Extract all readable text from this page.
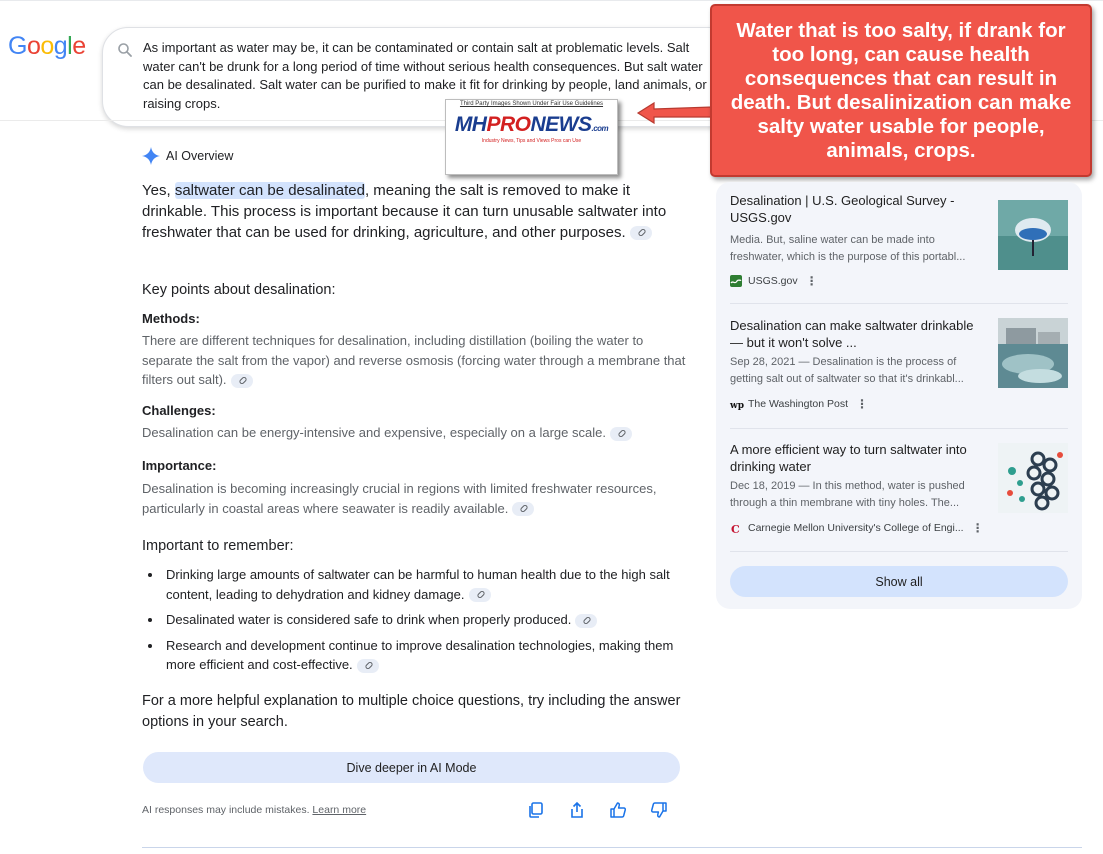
Google	As important as water may be, it can be contaminated or contain salt at problematic levels. Salt water can't be drunk for a long period of time without serious health consequences. But salt water can be desalinated. Salt water can be purified to make it fit for drinking by people, land animals, or raising crops.	Third Party Images Shown Under Fair Use Guidelines
MHPRONEWS.com
Industry News, Tips and Views Pros can Use
Water that is too salty, if drank for too long, can cause health consequences that can result in death. But desalinization can make salty water usable for people, animals, crops.
AI Overview

Yes, saltwater can be desalinated, meaning the salt is removed to make it drinkable. This process is important because it can turn unusable saltwater into freshwater that can be used for drinking, agriculture, and other purposes.

Key points about desalination:
Methods:
There are different techniques for desalination, including distillation (boiling the water to separate the salt from the vapor) and reverse osmosis (forcing water through a membrane that filters out salt).
Challenges:
Desalination can be energy-intensive and expensive, especially on a large scale.
Importance:
Desalination is becoming increasingly crucial in regions with limited freshwater resources, particularly in coastal areas where seawater is readily available.
Important to remember:
Drinking large amounts of saltwater can be harmful to human health due to the high salt content, leading to dehydration and kidney damage.
Desalinated water is considered safe to drink when properly produced.
Research and development continue to improve desalination technologies, making them more efficient and cost-effective.
For a more helpful explanation to multiple choice questions, try including the answer options in your search.
Dive deeper in AI Mode
AI responses may include mistakes. Learn more
Desalination | U.S. Geological Survey - USGS.gov
Media. But, saline water can be made into freshwater, which is the purpose of this portabl...
USGS.gov ⋮
Desalination can make saltwater drinkable — but it won't solve ...
Sep 28, 2021 — Desalination is the process of getting salt out of saltwater so that it's drinkabl...
wp The Washington Post ⋮
A more efficient way to turn saltwater into drinking water
Dec 18, 2019 — In this method, water is pushed through a thin membrane with tiny holes. The...
C Carnegie Mellon University's College of Engi... ⋮
Show all
